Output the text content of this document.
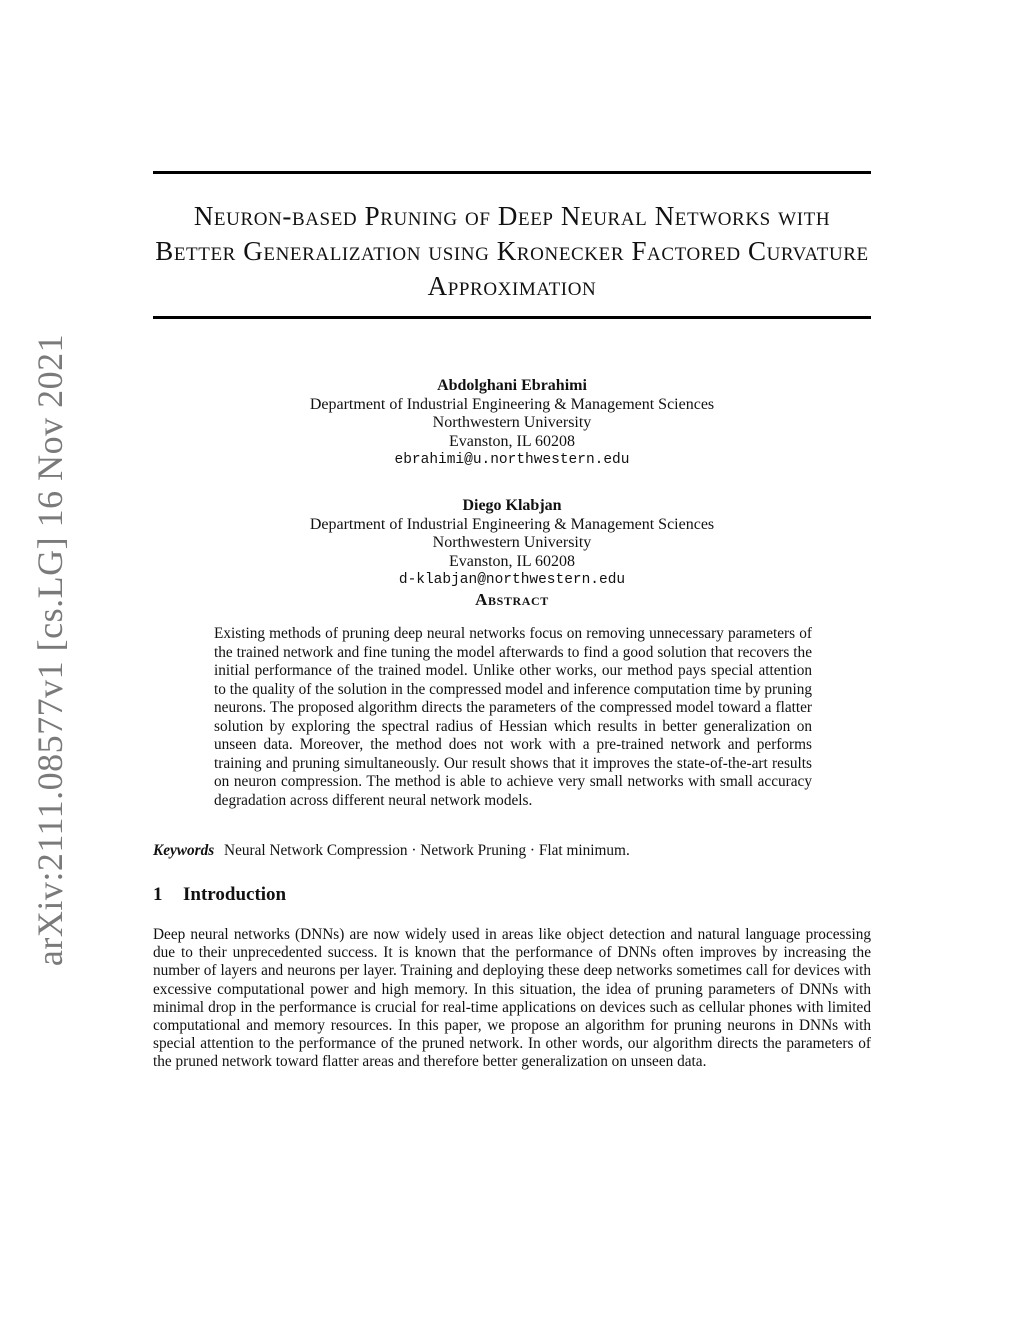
arXiv:2111.08577v1 [cs.LG] 16 Nov 2021
Neuron-based Pruning of Deep Neural Networks with Better Generalization using Kronecker Factored Curvature Approximation
Abdolghani Ebrahimi
Department of Industrial Engineering & Management Sciences
Northwestern University
Evanston, IL 60208
ebrahimi@u.northwestern.edu
Diego Klabjan
Department of Industrial Engineering & Management Sciences
Northwestern University
Evanston, IL 60208
d-klabjan@northwestern.edu
Abstract

Existing methods of pruning deep neural networks focus on removing unnecessary parameters of the trained network and fine tuning the model afterwards to find a good solution that recovers the initial performance of the trained model. Unlike other works, our method pays special attention to the quality of the solution in the compressed model and inference computation time by pruning neurons. The proposed algorithm directs the parameters of the compressed model toward a flatter solution by exploring the spectral radius of Hessian which results in better generalization on unseen data. Moreover, the method does not work with a pre-trained network and performs training and pruning simultaneously. Our result shows that it improves the state-of-the-art results on neuron compression. The method is able to achieve very small networks with small accuracy degradation across different neural network models.

Keywords Neural Network Compression · Network Pruning · Flat minimum.
1 Introduction

Deep neural networks (DNNs) are now widely used in areas like object detection and natural language processing due to their unprecedented success. It is known that the performance of DNNs often improves by increasing the number of layers and neurons per layer. Training and deploying these deep networks sometimes call for devices with excessive computational power and high memory. In this situation, the idea of pruning parameters of DNNs with minimal drop in the performance is crucial for real-time applications on devices such as cellular phones with limited computational and memory resources. In this paper, we propose an algorithm for pruning neurons in DNNs with special attention to the performance of the pruned network. In other words, our algorithm directs the parameters of the pruned network toward flatter areas and therefore better generalization on unseen data.
